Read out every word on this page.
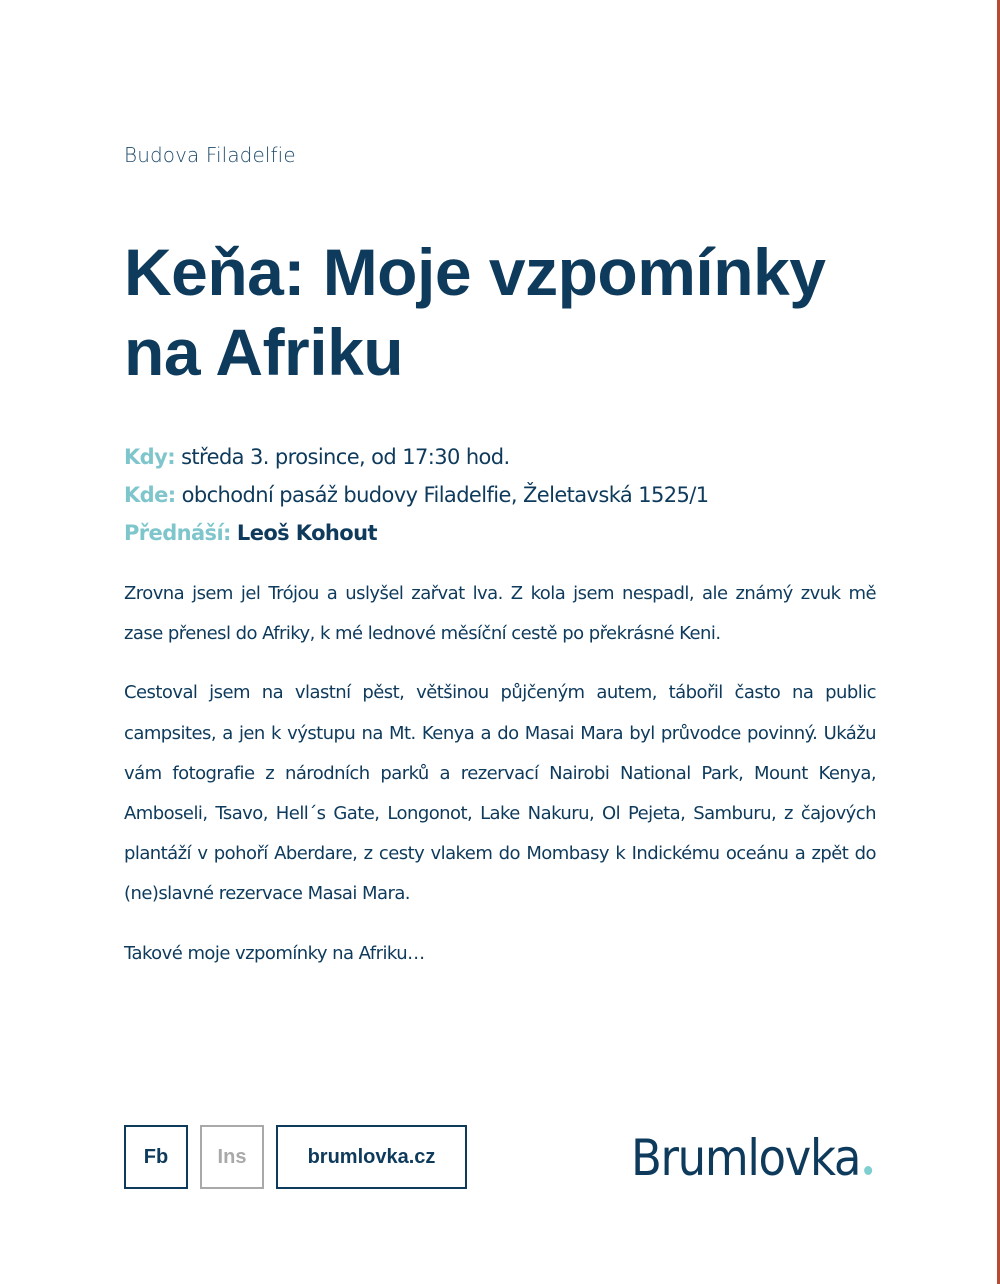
Budova Filadelfie
Keňa: Moje vzpomínky na Afriku
Kdy: středa 3. prosince, od 17:30 hod.
Kde: obchodní pasáž budovy Filadelfie, Želetavská 1525/1
Přednáší: Leoš Kohout

Zrovna jsem jel Trójou a uslyšel zařvat lva. Z kola jsem nespadl, ale známý zvuk mě zase přenesl do Afriky, k mé lednové měsíční cestě po překrásné Keni.

Cestoval jsem na vlastní pěst, většinou půjčeným autem, tábořil často na public campsites, a jen k výstupu na Mt. Kenya a do Masai Mara byl průvodce povinný. Ukážu vám fotografie z národních parků a rezervací Nairobi National Park, Mount Kenya, Amboseli, Tsavo, Hell´s Gate, Longonot, Lake Nakuru, Ol Pejeta, Samburu, z čajových plantáží v pohoří Aberdare, z cesty vlakem do Mombasy k Indickému oceánu a zpět do (ne)slavné rezervace Masai Mara.

Takové moje vzpomínky na Afriku…

Fb	Ins	brumlovka.cz	Brumlovka
